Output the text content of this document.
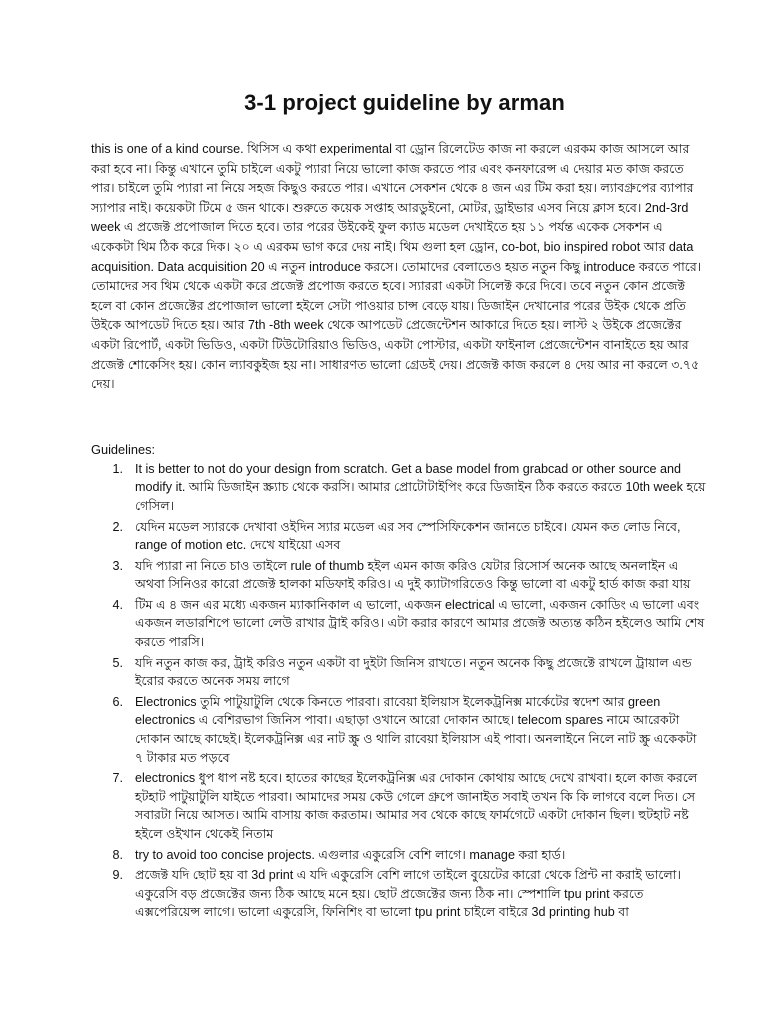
3-1 project guideline by arman

this is one of a kind course. থিসিস এ কথা experimental বা ড্রোন রিলেটেড কাজ না করলে এরকম কাজ আসলে আর করা হবে না। কিন্তু এখানে তুমি চাইলে একটু প্যারা নিয়ে ভালো কাজ করতে পার এবং কনফারেন্স এ দেয়ার মত কাজ করতে পার। চাইলে তুমি প্যারা না নিয়ে সহজ কিছুও করতে পার। এখানে সেকশন থেকে ৪ জন এর টিম করা হয়। ল্যাবগ্রুপের ব্যাপার স্যাপার নাই। কয়েকটা টিমে ৫ জন থাকে। শুরুতে কয়েক সপ্তাহ আরডুইনো, মোটর, ড্রাইভার এসব নিয়ে ক্লাস হবে। 2nd-3rd week এ প্রজেক্ট প্রপোজাল দিতে হবে। তার পরের উইকেই ফুল ক্যাড মডেল দেখাইতে হয় ১১ পর্যন্ত একেক সেকশন এ একেকটা থিম ঠিক করে দিক। ২০ এ এরকম ভাগ করে দেয় নাই। থিম গুলা হল ড্রোন, co-bot, bio inspired robot আর data acquisition. Data acquisition 20 এ নতুন introduce করসে। তোমাদের বেলাতেও হয়ত নতুন কিছু introduce করতে পারে। তোমাদের সব থিম থেকে একটা করে প্রজেক্ট প্রপোজ করতে হবে। স্যাররা একটা সিলেক্ট করে দিবে। তবে নতুন কোন প্রজেক্ট হলে বা কোন প্রজেক্টের প্রপোজাল ভালো হইলে সেটা পাওয়ার চান্স বেড়ে যায়। ডিজাইন দেখানোর পরের উইক থেকে প্রতি উইকে আপডেট দিতে হয়। আর 7th -8th week থেকে আপডেট প্রেজেন্টেশন আকারে দিতে হয়। লাস্ট ২ উইকে প্রজেক্টের একটা রিপোর্ট, একটা ভিডিও, একটা টিউটোরিয়াও ভিডিও, একটা পোস্টার, একটা ফাইনাল প্রেজেন্টেশন বানাইতে হয় আর প্রজেক্ট শোকেসিং হয়। কোন ল্যাবকুইজ হয় না। সাধারণত ভালো গ্রেডই দেয়। প্রজেক্ট কাজ করলে ৪ দেয় আর না করলে ৩.৭৫ দেয়।

Guidelines:
1. It is better to not do your design from scratch. Get a base model from grabcad or other source and modify it. আমি ডিজাইন স্ক্র্যাচ থেকে করসি। আমার প্রোটোটাইপিং করে ডিজাইন ঠিক করতে করতে 10th week হয়ে গেসিল।
2. যেদিন মডেল স্যারকে দেখাবা ওইদিন স্যার মডেল এর সব স্পেসিফিকেশন জানতে চাইবে। যেমন কত লোড নিবে, range of motion etc. দেখে যাইয়ো এসব
3. যদি প্যারা না নিতে চাও তাইলে rule of thumb হইল এমন কাজ করিও যেটার রিসোর্স অনেক আছে অনলাইন এ অথবা সিনিওর কারো প্রজেক্ট হালকা মডিফাই করিও। এ দুই ক্যাটাগরিতেও কিন্তু ভালো বা একটু হার্ড কাজ করা যায়
4. টিম এ ৪ জন এর মধ্যে একজন ম্যাকানিকাল এ ভালো, একজন electrical এ ভালো, একজন কোডিং এ ভালো এবং একজন লডারশিপে ভালো লেউ রাখার ট্রাই করিও। এটা করার কারণে আমার প্রজেক্ট অত্যন্ত কঠিন হইলেও আমি শেষ করতে পারসি।
5. যদি নতুন কাজ কর, ট্রাই করিও নতুন একটা বা দুইটা জিনিস রাখতে। নতুন অনেক কিছু প্রজেক্টে রাখলে ট্রায়াল এন্ড ইরোর করতে অনেক সময় লাগে
6. Electronics তুমি পাটুয়াটুলি থেকে কিনতে পারবা। রাবেয়া ইলিয়াস ইলেকট্রনিক্স মার্কেটের স্বদেশ আর green electronics এ বেশিরভাগ জিনিস পাবা। এছাড়া ওখানে আরো দোকান আছে। telecom spares নামে আরেকটা দোকান আছে কাছেই। ইলেকট্রনিক্স এর নাট স্ক্রু ও থালি রাবেয়া ইলিয়াস এই পাবা। অনলাইনে নিলে নাট স্ক্রু একেকটা ৭ টাকার মত পড়বে
7. electronics ধুপ ধাপ নষ্ট হবে। হাতের কাছের ইলেকট্রনিক্স এর দোকান কোথায় আছে দেখে রাখবা। হলে কাজ করলে হটহাট পাটুয়াটুলি যাইতে পারবা। আমাদের সময় কেউ গেলে গ্রুপে জানাইত সবাই তখন কি কি লাগবে বলে দিত। সে সবারটা নিয়ে আসত। আমি বাসায় কাজ করতাম। আমার সব থেকে কাছে ফার্মগেটে একটা দোকান ছিল। হুটহাট নষ্ট হইলে ওইখান থেকেই নিতাম
8. try to avoid too concise projects. এগুলার একুরেসি বেশি লাগে। manage করা হার্ড।
9. প্রজেক্ট যদি ছোট হয় বা 3d print এ যদি একুরেসি বেশি লাগে তাইলে বুয়েটের কারো থেকে প্রিন্ট না করাই ভালো। একুরেসি বড় প্রজেক্টের জন্য ঠিক আছে মনে হয়। ছোট প্রজেক্টের জন্য ঠিক না। স্পেশালি tpu print করতে এক্সপেরিয়েন্স লাগে। ভালো একুরেসি, ফিনিশিং বা ভালো tpu print চাইলে বাইরে 3d printing hub বা
